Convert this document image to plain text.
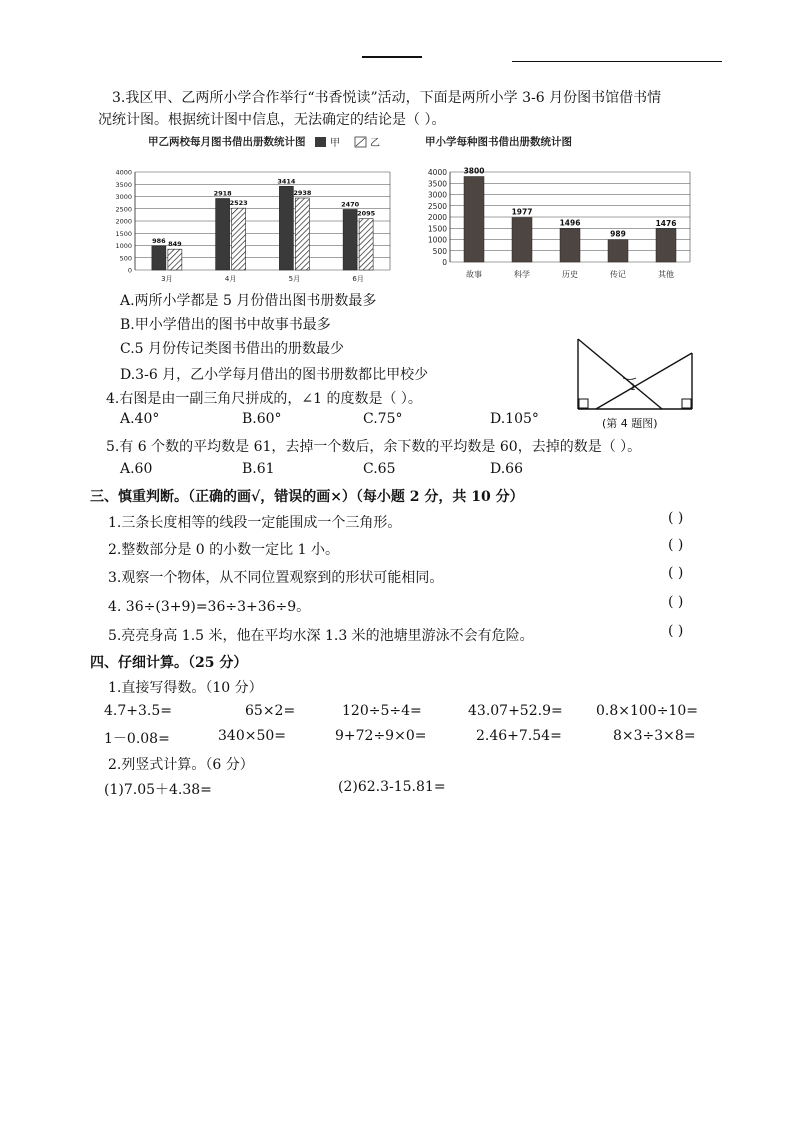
3.我区甲、乙两所小学合作举行“书香悦读”活动，下面是两所小学 3-6 月份图书馆借书情
况统计图。根据统计图中信息，无法确定的结论是（ ）。
甲乙两校每月图书借出册数统计图 甲	乙
0
500
1000
1500
2000
2500
3000
3500
4000
986 849
2918
2523
3414
2938
2470
2095
3月	4月	5月	6月
甲小学每种图书借出册数统计图
0
500
1000
1500
2000
2500
3000
3500
4000 3800
1977
1496
989
1476
故事	科学	历史	传记	其他
A.两所小学都是 5 月份借出图书册数最多
B.甲小学借出的图书中故事书最多
C.5 月份传记类图书借出的册数最少
D.3-6 月，乙小学每月借出的图书册数都比甲校少
4.右图是由一副三角尺拼成的，∠1 的度数是（ ）。
A.40°	B.60°	C.75°	D.105°
1
(第 4 题图)
5.有 6 个数的平均数是 61，去掉一个数后，余下数的平均数是 60，去掉的数是（ ）。
A.60	B.61	C.65	D.66
三、慎重判断。（正确的画√，错误的画×）（每小题 2 分，共 10 分）
1.三条长度相等的线段一定能围成一个三角形。	( )
2.整数部分是 0 的小数一定比 1 小。	( )
3.观察一个物体，从不同位置观察到的形状可能相同。	( )
4. 36÷(3+9)=36÷3+36÷9。	( )
5.亮亮身高 1.5 米，他在平均水深 1.3 米的池塘里游泳不会有危险。	( )
四、仔细计算。（25 分）
1.直接写得数。（10 分）
4.7+3.5=	65×2=	120÷5÷4=	43.07+52.9= 0.8×100÷10=
1－0.08=	340×50=	9+72÷9×0=	2.46+7.54=	8×3÷3×8=
2.列竖式计算。（6 分）
(1)7.05＋4.38=	(2)62.3-15.81=
